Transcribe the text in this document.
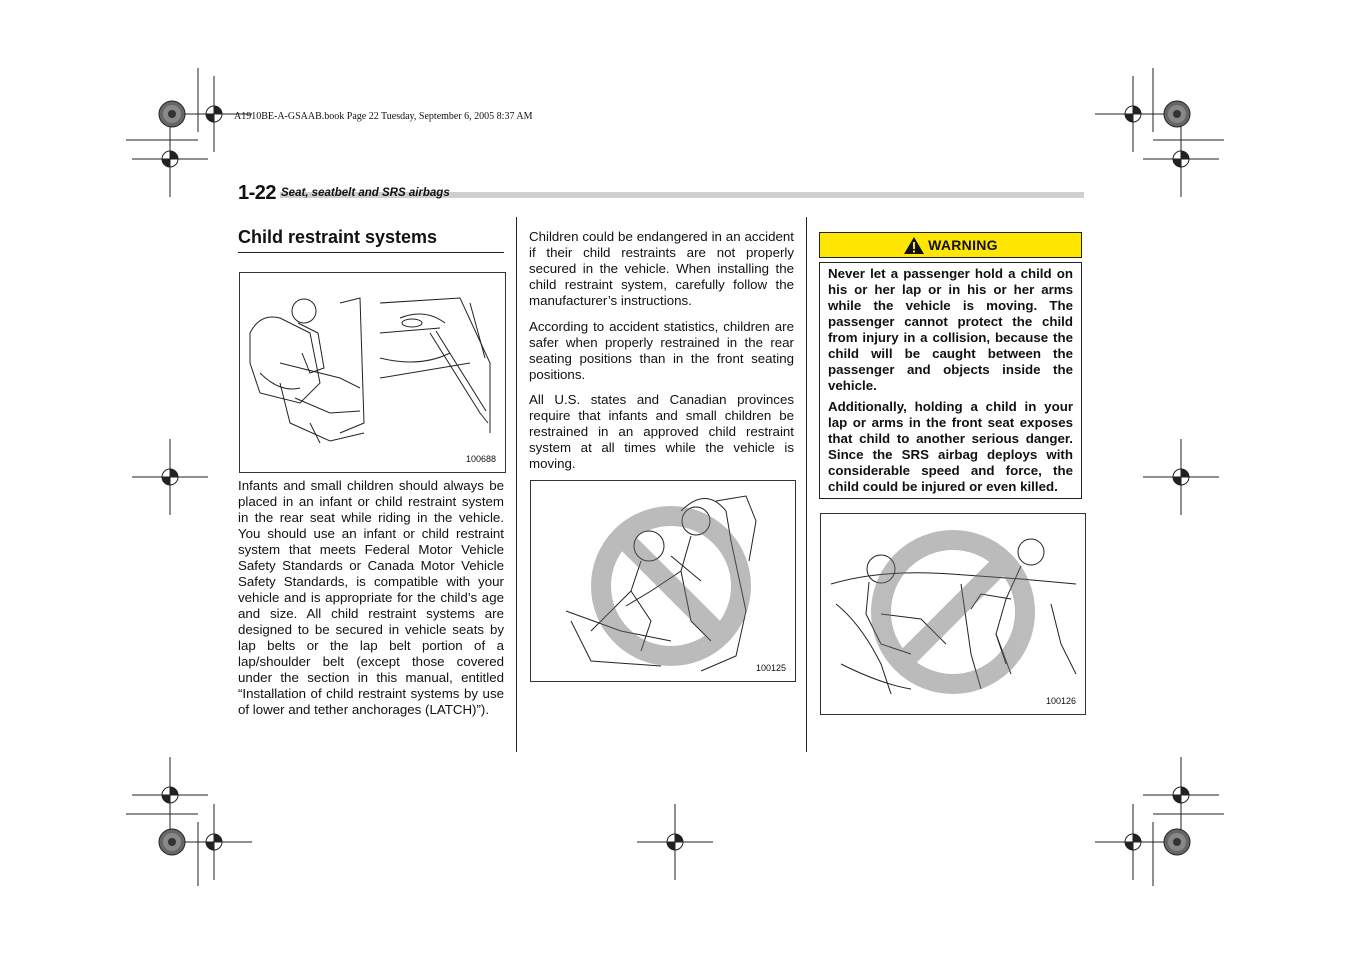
A1910BE-A-GSAAB.book Page 22 Tuesday, September 6, 2005 8:37 AM
1-22 Seat, seatbelt and SRS airbags
Child restraint systems
100688

Infants and small children should always be placed in an infant or child restraint system in the rear seat while riding in the vehicle. You should use an infant or child restraint system that meets Federal Motor Vehicle Safety Standards or Canada Motor Vehicle Safety Standards, is compatible with your vehicle and is appropriate for the child’s age and size. All child restraint systems are designed to be secured in vehicle seats by lap belts or the lap belt portion of a lap/shoulder belt (except those covered under the section in this manual, entitled “Installation of child restraint systems by use of lower and tether anchorages (LATCH)”).

Children could be endangered in an accident if their child restraints are not properly secured in the vehicle. When installing the child restraint system, carefully follow the manufacturer’s instructions.

According to accident statistics, children are safer when properly restrained in the rear seating positions than in the front seating positions.

All U.S. states and Canadian provinces require that infants and small children be restrained in an approved child restraint system at all times while the vehicle is moving.

100125
WARNING

Never let a passenger hold a child on his or her lap or in his or her arms while the vehicle is moving. The passenger cannot protect the child from injury in a collision, because the child will be caught between the passenger and objects inside the vehicle.

Additionally, holding a child in your lap or arms in the front seat exposes that child to another serious danger. Since the SRS airbag deploys with considerable speed and force, the child could be injured or even killed.

100126
